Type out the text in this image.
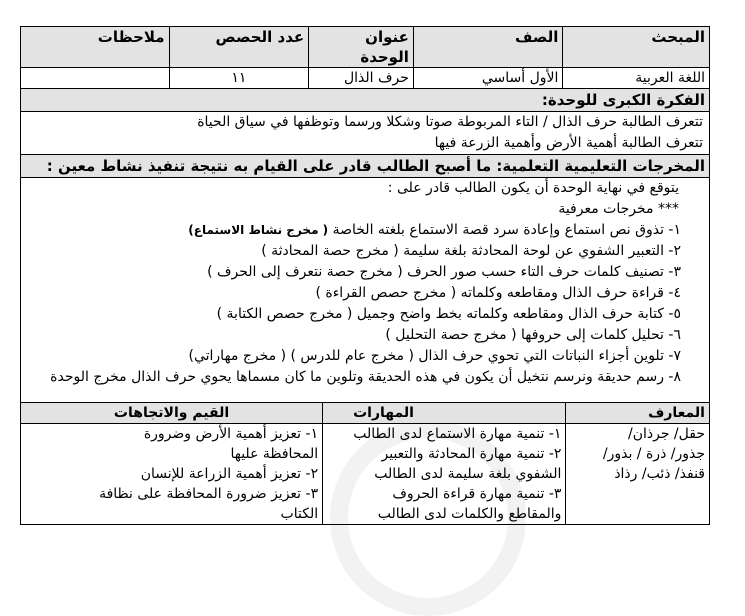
المبحث
الصف
عنوان الوحدة
عدد الحصص
ملاحظات
اللغة العربية
الأول أساسي
حرف الذال
١١
الفكرة الكبرى للوحدة:
تتعرف الطالبة حرف الذال / التاء المربوطة صوتا وشكلا ورسما وتوظفها في سياق الحياة
تتعرف الطالبة أهمية الأرض وأهمية الزرعة فيها
المخرجات التعليمية التعلمية: ما أصبح الطالب قادر على القيام به نتيجة تنفيذ نشاط معين :
يتوقع في نهاية الوحدة أن يكون الطالب قادر على :
*** مخرجات معرفية
١- تذوق نص استماع وإعادة سرد قصة الاستماع بلغته الخاصة ( مخرج نشاط الاستماع)
٢- التعبير الشفوي عن لوحة المحادثة بلغة سليمة ( مخرج حصة المحادثة )
٣- تصنيف كلمات حرف التاء حسب صور الحرف ( مخرج حصة نتعرف إلى الحرف )
٤- قراءة حرف الذال ومقاطعه وكلماته ( مخرج حصص القراءة )
٥- كتابة حرف الذال ومقاطعه وكلماته بخط واضح وجميل ( مخرج حصص الكتابة )
٦- تحليل كلمات إلى حروفها ( مخرج حصة التحليل )
٧- تلوين أجزاء النباتات التي تحوي حرف الذال ( مخرج عام للدرس ) ( مخرج مهاراتي)
٨- رسم حديقة ونرسم نتخيل أن يكون في هذه الحديقة وتلوين ما كان مسماها يحوي حرف الذال مخرج الوحدة
المعارف
المهارات
القيم والاتجاهات
حقل/ جرذان/
جذور/ ذرة / بذور/
قنفذ/ ذئب/ رذاذ
١- تنمية مهارة الاستماع لدى الطالب
٢- تنمية مهارة المحادثة والتعبير
الشفوي بلغة سليمة لدى الطالب
٣- تنمية مهارة قراءة الحروف
والمقاطع والكلمات لدى الطالب
١- تعزيز أهمية الأرض وضرورة
المحافظة عليها
٢- تعزيز أهمية الزراعة للإنسان
٣- تعزيز ضرورة المحافظة على نظافة
الكتاب
